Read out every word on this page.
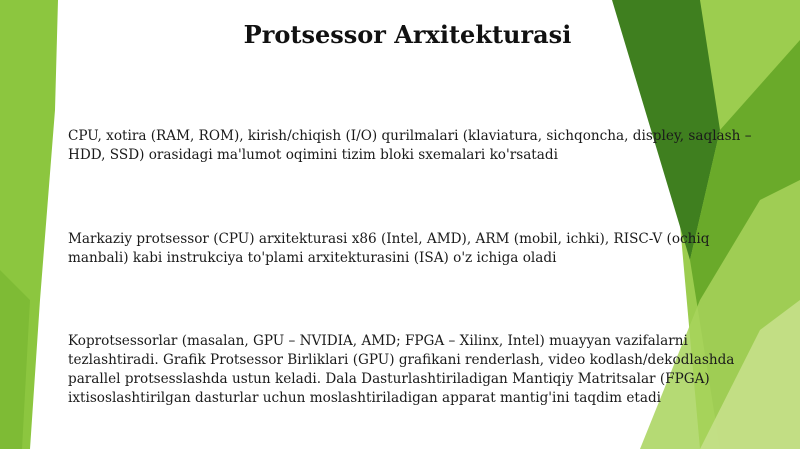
Protsessor Arxitekturasi

CPU, xotira (RAM, ROM), kirish/chiqish (I/O) qurilmalari (klaviatura, sichqoncha, displey, saqlash – HDD, SSD) orasidagi ma'lumot oqimini tizim bloki sxemalari ko'rsatadi

Markaziy protsessor (CPU) arxitekturasi x86 (Intel, AMD), ARM (mobil, ichki), RISC-V (ochiq manbali) kabi instrukciya to'plami arxitekturasini (ISA) o'z ichiga oladi

Koprotsessorlar (masalan, GPU – NVIDIA, AMD; FPGA – Xilinx, Intel) muayyan vazifalarni tezlashtiradi. Grafik Protsessor Birliklari (GPU) grafikani renderlash, video kodlash/dekodlashda parallel protsesslashda ustun keladi. Dala Dasturlashtiriladigan Mantiqiy Matritsalar (FPGA) ixtisoslashtirilgan dasturlar uchun moslashtiriladigan apparat mantig'ini taqdim etadi
